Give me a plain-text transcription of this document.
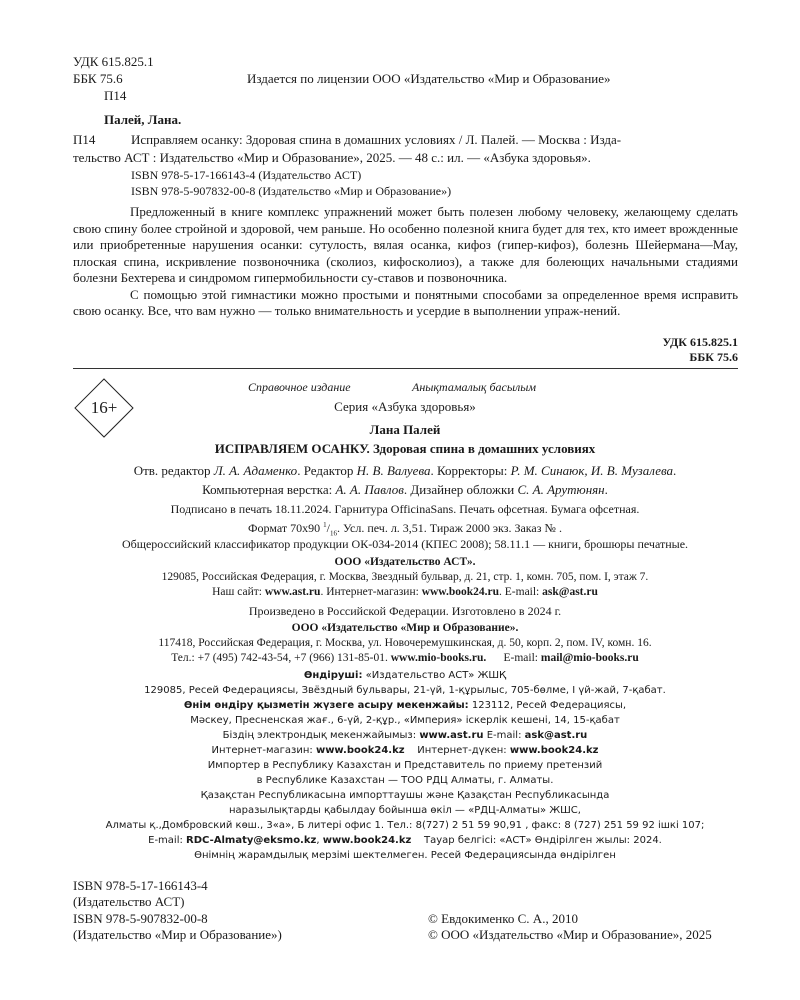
УДК 615.825.1
ББК 75.6
П14
Издается по лицензии ООО «Издательство «Мир и Образование»
Палей, Лана.
П14	Исправляем осанку: Здоровая спина в домашних условиях / Л. Палей. — Москва : Изда-
тельство АСТ : Издательство «Мир и Образование», 2025. — 48 с.: ил. — «Азбука здоровья».
ISBN 978-5-17-166143-4 (Издательство АСТ)
ISBN 978-5-907832-00-8 (Издательство «Мир и Образование»)

Предложенный в книге комплекс упражнений может быть полезен любому человеку, желающему сделать свою спину более стройной и здоровой, чем раньше. Но особенно полезной книга будет для тех, кто имеет врожденные или приобретенные нарушения осанки: сутулость, вялая осанка, кифоз (гипер-кифоз), болезнь Шейермана—Мау, плоская спина, искривление позвоночника (сколиоз, кифосколиоз), а также для болеющих начальными стадиями болезни Бехтерева и синдромом гипермобильности су-ставов и позвоночника.

С помощью этой гимнастики можно простыми и понятными способами за определенное время исправить свою осанку. Все, что вам нужно — только внимательность и усердие в выполнении упраж-нений.

УДК 615.825.1
ББК 75.6
16+
Справочное издание	Анықтамалық басылым
Серия «Азбука здоровья»
Лана Палей
ИСПРАВЛЯЕМ ОСАНКУ. Здоровая спина в домашних условиях
Отв. редактор Л. А. Адаменко. Редактор Н. В. Валуева. Корректоры: Р. М. Синаюк, И. В. Музалева.
Компьютерная верстка: А. А. Павлов. Дизайнер обложки С. А. Арутюнян.
Подписано в печать 18.11.2024. Гарнитура OfficinaSans. Печать офсетная. Бумага офсетная.
Формат 70x90 $^1/_{16}$. Усл. печ. л. 3,51. Тираж 2000 экз. Заказ № .
Общероссийский классификатор продукции ОК-034-2014 (КПЕС 2008); 58.11.1 — книги, брошюры печатные.
ООО «Издательство АСТ».
129085, Российская Федерация, г. Москва, Звездный бульвар, д. 21, стр. 1, комн. 705, пом. I, этаж 7.
Наш сайт: www.ast.ru. Интернет-магазин: www.book24.ru. E-mail: ask@ast.ru
Произведено в Российской Федерации. Изготовлено в 2024 г.
ООО «Издательство «Мир и Образование».
117418, Российская Федерация, г. Москва, ул. Новочеремушкинская, д. 50, корп. 2, пом. IV, комн. 16.
Тел.: +7 (495) 742-43-54, +7 (966) 131-85-01. www.mio-books.ru.      E-mail: mail@mio-books.ru
Өндіруші: «Издательство АСТ» ЖШҚ
129085, Ресей Федерациясы, Звёздный бульвары, 21-үй, 1-құрылыс, 705-бөлме, I үй-жай, 7-қабат.
Өнім өндіру қызметін жүзеге асыру мекенжайы: 123112, Ресей Федерациясы,
Мәскеу, Пресненская жағ., 6-үй, 2-құр., «Империя» іскерлік кешені, 14, 15-қабат
Біздің электрондық мекенжайымыз: www.ast.ru E-mail: ask@ast.ru
Интернет-магазин: www.book24.kz    Интернет-дүкен: www.book24.kz
Импортер в Республику Казахстан и Представитель по приему претензий
в Республике Казахстан — ТОО РДЦ Алматы, г. Алматы.
Қазақстан Республикасына импорттаушы және Қазақстан Республикасында
наразылықтарды қабылдау бойынша өкіл — «РДЦ-Алматы» ЖШС,
Алматы қ.,Домбровский көш., 3«а», Б литері офис 1. Тел.: 8(727) 2 51 59 90,91 , факс: 8 (727) 251 59 92 ішкі 107;
E-mail: RDC-Almaty@eksmo.kz, www.book24.kz    Тауар белгісі: «АСТ» Өндірілген жылы: 2024.
Өнімнің жарамдылық мерзімі шектелмеген. Ресей Федерациясында өндірілген
ISBN 978-5-17-166143-4
(Издательство АСТ)
ISBN 978-5-907832-00-8
(Издательство «Мир и Образование»)
© Евдокименко С. А., 2010
© ООО «Издательство «Мир и Образование», 2025
